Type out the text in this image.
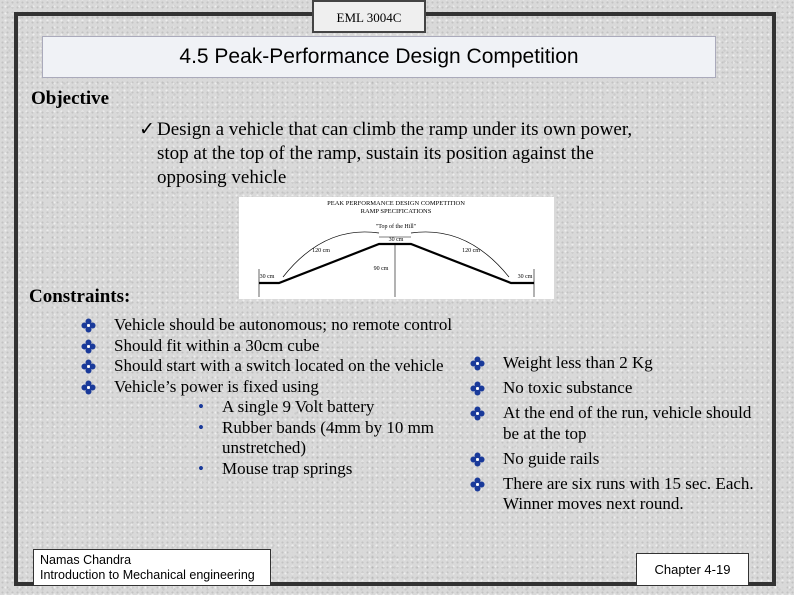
EML 3004C
4.5 Peak-Performance Design Competition
Objective
✓ Design a vehicle that can climb the ramp under its own power, stop at the top of the ramp, sustain its position against the opposing vehicle
PEAK PERFORMANCE DESIGN COMPETITION
RAMP SPECIFICATIONS
"Top of the Hill"
30 cm
120 cm	120 cm
90 cm
30 cm	30 cm
Constraints:
Vehicle should be autonomous; no remote control
Should fit within a 30cm cube
Should start with a switch located on the vehicle
Vehicle’s power is fixed using
• A single 9 Volt battery
• Rubber bands (4mm by 10 mm unstretched)
• Mouse trap springs
Weight less than 2 Kg
No toxic substance
At the end of the run, vehicle should be at the top
No guide rails
There are six runs with 15 sec. Each. Winner moves next round.
Namas Chandra
Introduction to Mechanical engineering	Chapter 4-19
